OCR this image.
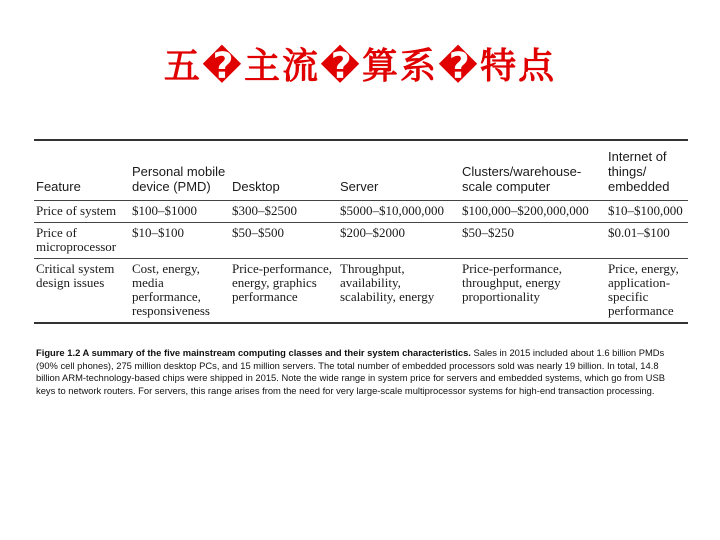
五�主流�算系�特点
Feature	Personal mobile device (PMD)	Desktop	Server	Clusters/warehouse-scale computer	Internet of things/ embedded
Price of system	$100–$1000	$300–$2500	$5000–$10,000,000	$100,000–$200,000,000	$10–$100,000
Price of microprocessor	$10–$100	$50–$500	$200–$2000	$50–$250	$0.01–$100
Critical system design issues	Cost, energy, media performance, responsiveness	Price-performance, energy, graphics performance	Throughput, availability, scalability, energy	Price-performance, throughput, energy proportionality	Price, energy, application-specific performance
Figure 1.2 A summary of the five mainstream computing classes and their system characteristics. Sales in 2015 included about 1.6 billion PMDs (90% cell phones), 275 million desktop PCs, and 15 million servers. The total number of embedded processors sold was nearly 19 billion. In total, 14.8 billion ARM-technology-based chips were shipped in 2015. Note the wide range in system price for servers and embedded systems, which go from USB keys to network routers. For servers, this range arises from the need for very large-scale multiprocessor systems for high-end transaction processing.
